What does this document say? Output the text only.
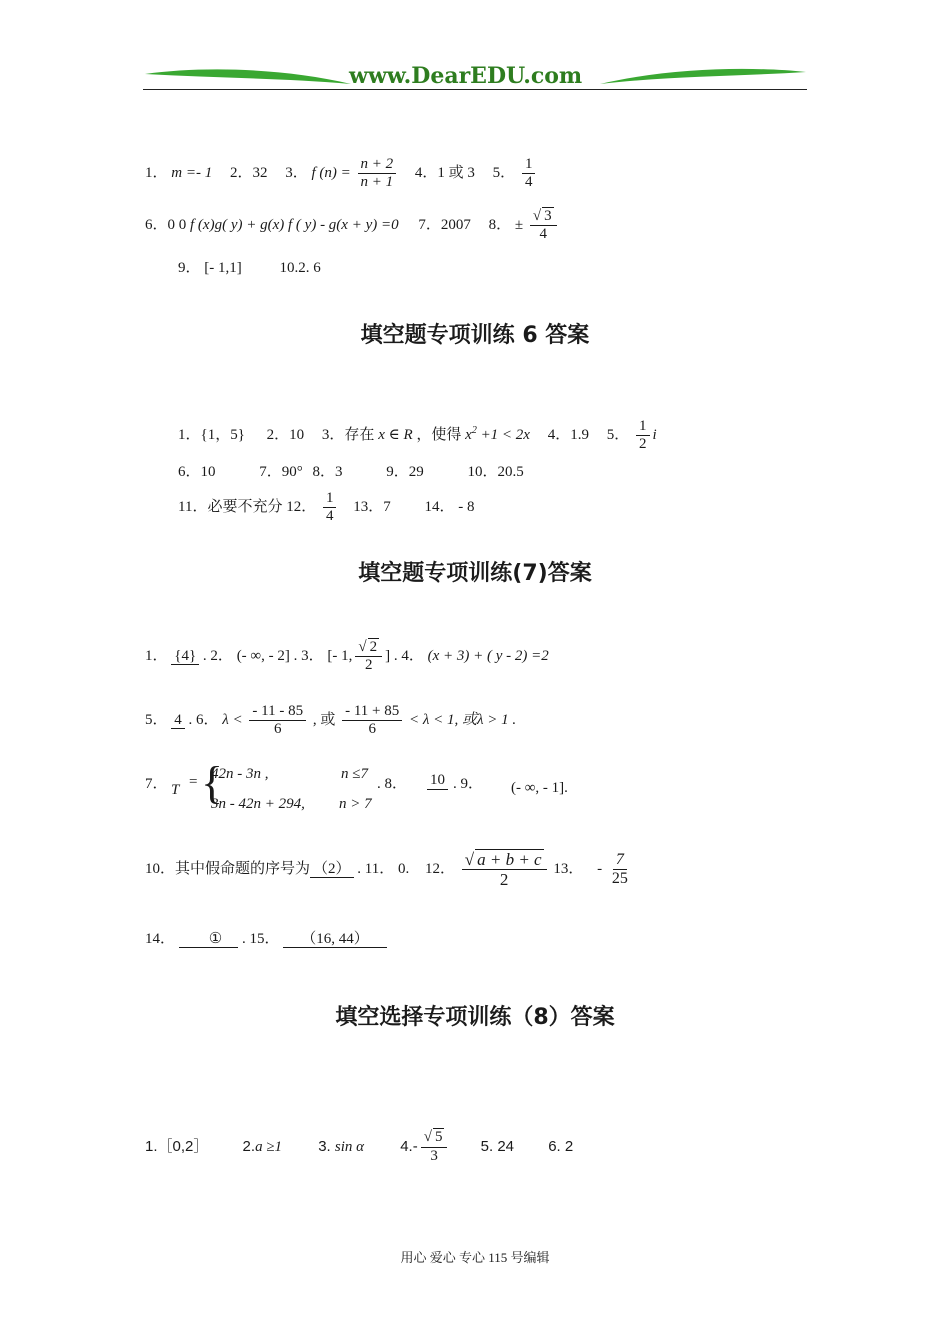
www.DearEDU.com
1． m =- 1 2．32 3． f $(n) = \frac{n + 2}{n + 1} 4$．1 或 3 5． $\frac{1}{4}$
6．0 0 f (x)g( y) + g(x) f ( y) - g(x + y) =0 7．2007 8． ± $\frac{√ 3}{4}$
9． [- 1,1]	10.2. 6
填空题专项训练 6 答案
1．{1，5} 2．10 3．存在 x ∈ R ，使得 $x^2 +1 < 2x$ 4．1.9 5． $\frac{1}{2}$ i
6．10	7．90° 8．3	9．29	10．20.5
11．必要不充分 12． $\frac{1}{4} 13$．7 14． - 8
填空题专项训练(7)答案
1． {4} . 2． (- ∞, - 2] . 3． [- 1, $\frac{√ 2}{2}$ ] . 4． (x + 3) + ( y - 2) =2
5． 4 . 6． $\lambda < \frac{- 11 - 85}{6}$ , 或 $\frac{- 11 + 85}{6} < \lambda < 1$, 或λ > 1 .
7． T = {
42n - 3n ,	n ≤7
3n - 42n + 294, n > 7
. 8． 10 . 9． (- ∞, - 1].
10．其中假命题的序号为 （2） . 11． 0. 12． $\frac{√ a + b + c}{2} 13$． - $\frac{7}{25}$
14． ① . 15． （16, 44）
填空选择专项训练（8）答案
1.［0,2］ 2.a ≥1 3. sin α $4.- \frac{√ 5}{3} 5$. 24 6. 2
用心 爱心 专心 115 号编辑
